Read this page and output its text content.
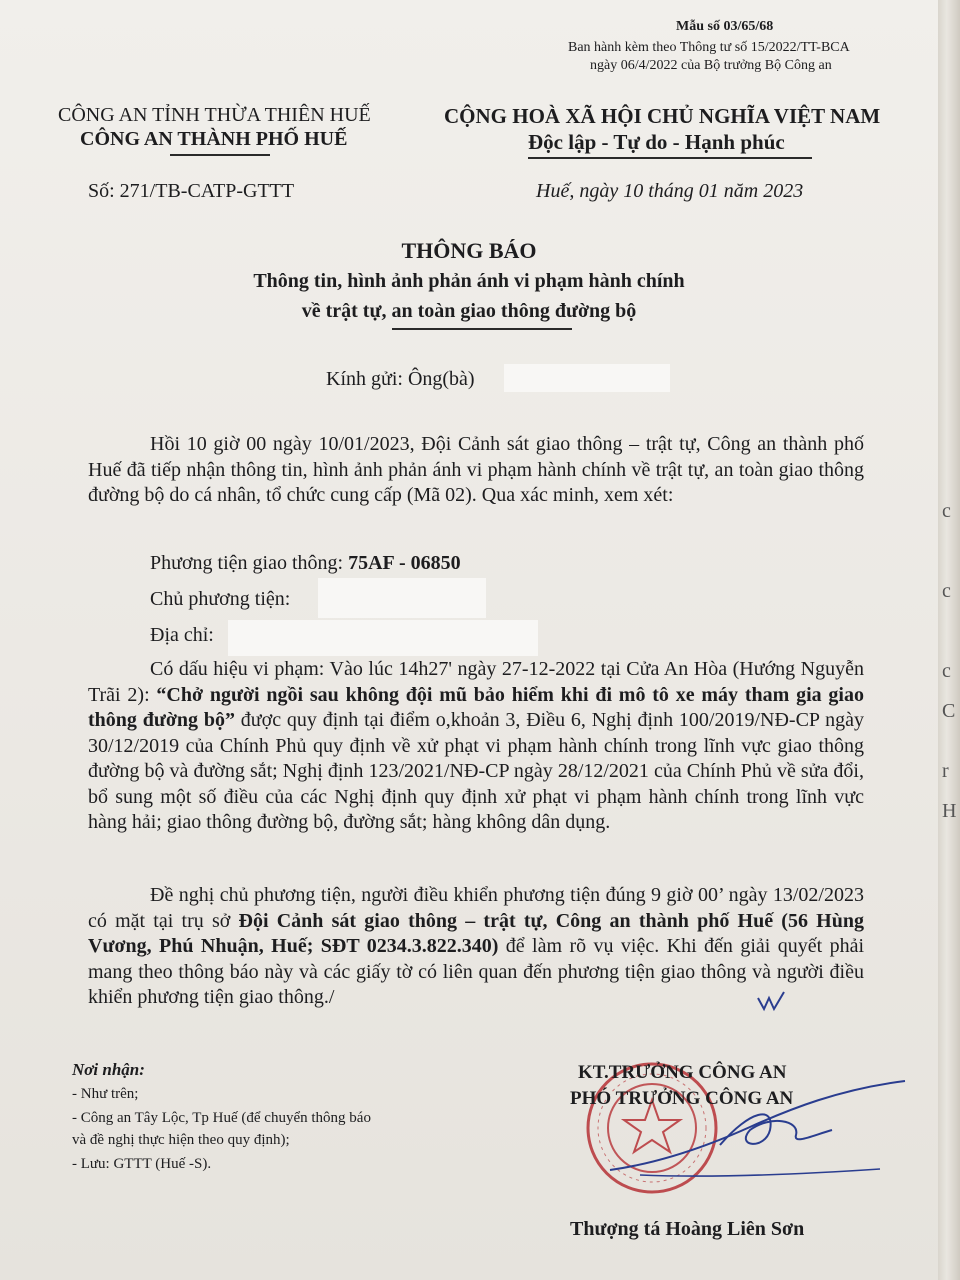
Mẫu số 03/65/68
Ban hành kèm theo Thông tư số 15/2022/TT-BCA
ngày 06/4/2022 của Bộ trưởng Bộ Công an
CÔNG AN TỈNH THỪA THIÊN HUẾ
CÔNG AN THÀNH PHỐ HUẾ
CỘNG HOÀ XÃ HỘI CHỦ NGHĨA VIỆT NAM
Độc lập - Tự do - Hạnh phúc
Số: 271/TB-CATP-GTTT	Huế, ngày 10 tháng 01 năm 2023
THÔNG BÁO
Thông tin, hình ảnh phản ánh vi phạm hành chính
về trật tự, an toàn giao thông đường bộ
Kính gửi: Ông(bà)
Hồi 10 giờ 00 ngày 10/01/2023, Đội Cảnh sát giao thông – trật tự, Công an thành phố Huế đã tiếp nhận thông tin, hình ảnh phản ánh vi phạm hành chính về trật tự, an toàn giao thông đường bộ do cá nhân, tổ chức cung cấp (Mã 02). Qua xác minh, xem xét:
Phương tiện giao thông: 75AF - 06850
Chủ phương tiện:
Địa chỉ:
Có dấu hiệu vi phạm: Vào lúc 14h27' ngày 27-12-2022 tại Cửa An Hòa (Hướng Nguyễn Trãi 2): “Chở người ngồi sau không đội mũ bảo hiểm khi đi mô tô xe máy tham gia giao thông đường bộ” được quy định tại điểm o,khoản 3, Điều 6, Nghị định 100/2019/NĐ-CP ngày 30/12/2019 của Chính Phủ quy định về xử phạt vi phạm hành chính trong lĩnh vực giao thông đường bộ và đường sắt; Nghị định 123/2021/NĐ-CP ngày 28/12/2021 của Chính Phủ về sửa đổi, bổ sung một số điều của các Nghị định quy định xử phạt vi phạm hành chính trong lĩnh vực hàng hải; giao thông đường bộ, đường sắt; hàng không dân dụng.
Đề nghị chủ phương tiện, người điều khiển phương tiện đúng 9 giờ 00’ ngày 13/02/2023 có mặt tại trụ sở Đội Cảnh sát giao thông – trật tự, Công an thành phố Huế (56 Hùng Vương, Phú Nhuận, Huế; SĐT 0234.3.822.340) để làm rõ vụ việc. Khi đến giải quyết phải mang theo thông báo này và các giấy tờ có liên quan đến phương tiện giao thông và người điều khiển phương tiện giao thông./
Nơi nhận:
- Như trên;
- Công an Tây Lộc, Tp Huế (để chuyển thông báo
và đề nghị thực hiện theo quy định);
- Lưu: GTTT (Huế -S).
KT.TRƯỞNG CÔNG AN
PHÓ TRƯỞNG CÔNG AN
Thượng tá Hoàng Liên Sơn
c
c
c
C
r
H
